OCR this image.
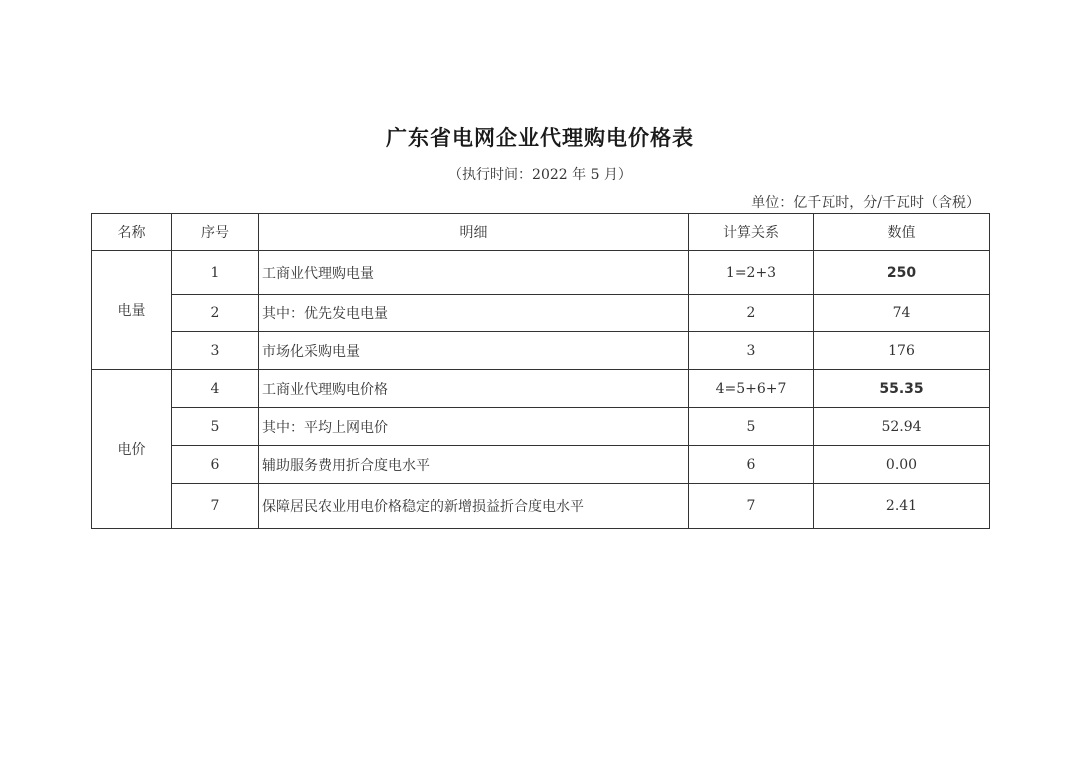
广东省电网企业代理购电价格表
（执行时间：2022 年 5 月）
单位：亿千瓦时，分/千瓦时（含税）
名称	序号	明细	计算关系	数值
电量	1	工商业代理购电量	1=2+3	250
	2	其中：优先发电电量	2	74
	3	市场化采购电量	3	176
电价	4	工商业代理购电价格	4=5+6+7	55.35
	5	其中：平均上网电价	5	52.94
	6	辅助服务费用折合度电水平	6	0.00
	7	保障居民农业用电价格稳定的新增损益折合度电水平	7	2.41
